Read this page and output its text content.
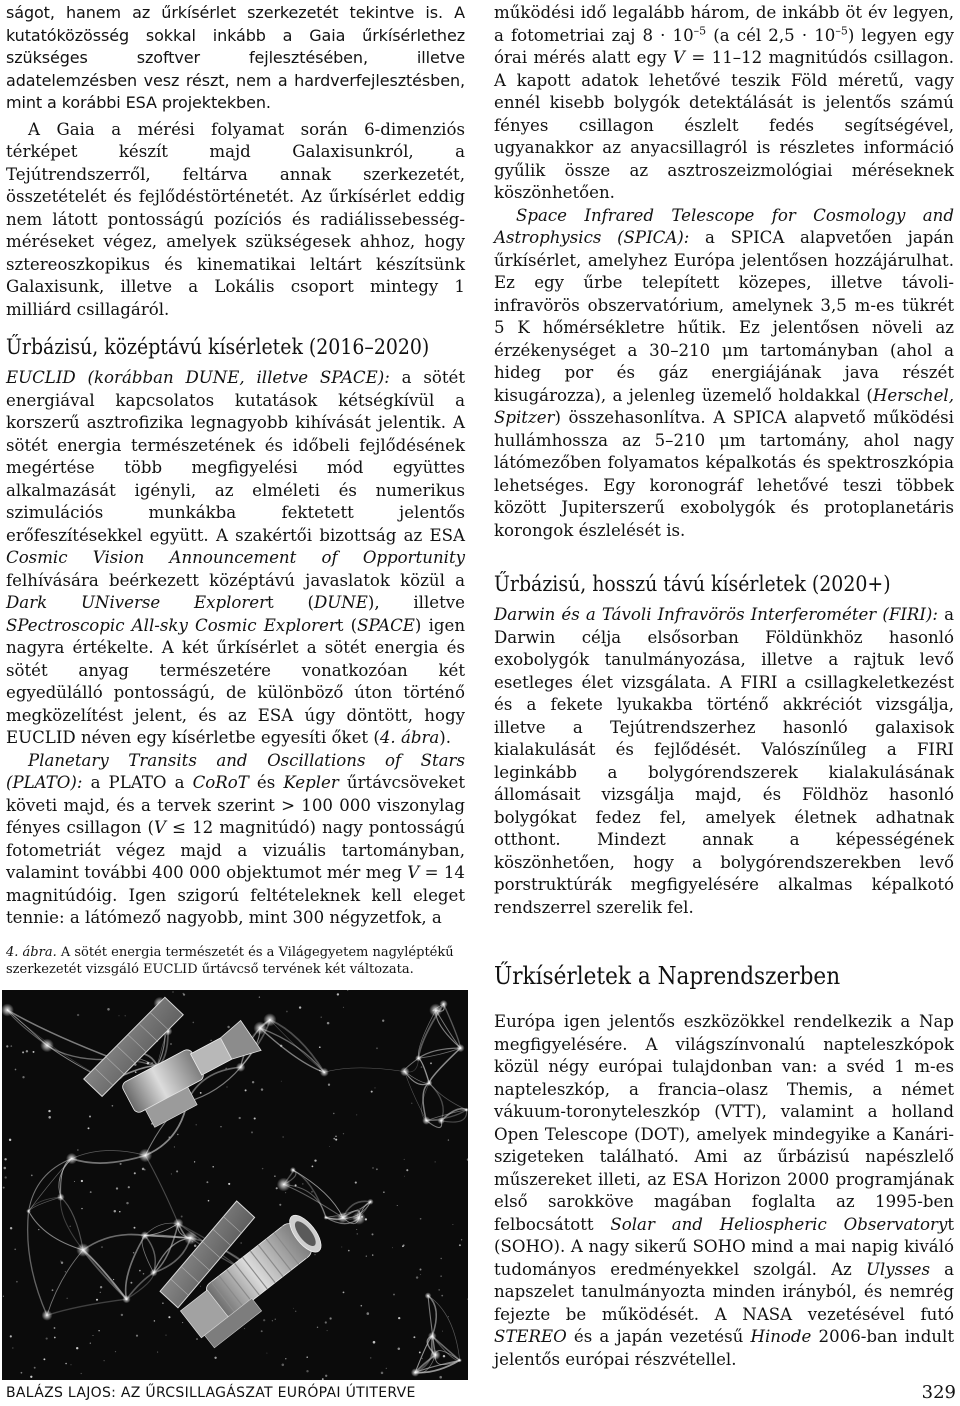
ságot, hanem az űrkísérlet szerkezetét tekintve is. A kutatóközösség sokkal inkább a Gaia űrkísérlethez szükséges szoftver fejlesztésében, illetve adatelemzésben vesz részt, nem a hardverfejlesztésben, mint a korábbi ESA projektekben.

A Gaia a mérési folyamat során 6-dimenziós térképet készít majd Galaxisunkról, a Tejútrendszerről, feltárva annak szerkezetét, összetételét és fejlődéstörténetét. Az űrkísérlet eddig nem látott pontosságú pozíciós és radiálissebesség-méréseket végez, amelyek szükségesek ahhoz, hogy sztereoszkopikus és kinematikai leltárt készítsünk Galaxisunk, illetve a Lokális csoport mintegy 1 milliárd csillagáról.

Űrbázisú, középtávú kísérletek (2016–2020)

EUCLID (korábban DUNE, illetve SPACE): a sötét energiával kapcsolatos kutatások kétségkívül a korszerű asztrofizika legnagyobb kihívását jelentik. A sötét energia természetének és időbeli fejlődésének megértése több megfigyelési mód együttes alkalmazását igényli, az elméleti és numerikus szimulációs munkákba fektetett jelentős erőfeszítésekkel együtt. A szakértői bizottság az ESA Cosmic Vision Announcement of Opportunity felhívására beérkezett középtávú javaslatok közül a Dark UNiverse Explorert (DUNE), illetve SPectroscopic All-sky Cosmic Explorert (SPACE) igen nagyra értékelte. A két űrkísérlet a sötét energia és sötét anyag természetére vonatkozóan két egyedülálló pontosságú, de különböző úton történő megközelítést jelent, és az ESA úgy döntött, hogy EUCLID néven egy kísérletbe egyesíti őket (4. ábra).

Planetary Transits and Oscillations of Stars (PLATO): a PLATO a CoRoT és Kepler űrtávcsöveket követi majd, és a tervek szerint > 100 000 viszonylag fényes csillagon (V ≤ 12 magnitúdó) nagy pontosságú fotometriát végez majd a vizuális tartományban, valamint további 400 000 objektumot mér meg V = 14 magnitúdóig. Igen szigorú feltételeknek kell eleget tennie: a látómező nagyobb, mint 300 négyzetfok, a

4. ábra. A sötét energia természetét és a Világegyetem nagyléptékű szerkezetét vizsgáló EUCLID űrtávcső tervének két változata.

működési idő legalább három, de inkább öt év legyen, a fotometriai zaj $8 \cdot 10^{-5}$ (a cél $2,5 \cdot 10^{-5}$) legyen egy órai mérés alatt egy V = 11–12 magnitúdós csillagon. A kapott adatok lehetővé teszik Föld méretű, vagy ennél kisebb bolygók detektálását is jelentős számú fényes csillagon észlelt fedés segítségével, ugyanakkor az anyacsillagról is részletes információ gyűlik össze az asztroszeizmológiai méréseknek köszönhetően.

Space Infrared Telescope for Cosmology and Astrophysics (SPICA): a SPICA alapvetően japán űrkísérlet, amelyhez Európa jelentősen hozzájárulhat. Ez egy űrbe telepített közepes, illetve távoli-infravörös obszervatórium, amelynek 3,5 m-es tükrét 5 K hőmérsékletre hűtik. Ez jelentősen növeli az érzékenységet a 30–210 μm tartományban (ahol a hideg por és gáz energiájának java részét kisugározza), a jelenleg üzemelő holdakkal (Herschel, Spitzer) összehasonlítva. A SPICA alapvető működési hullámhossza az 5–210 μm tartomány, ahol nagy látómezőben folyamatos képalkotás és spektroszkópia lehetséges. Egy koronográf lehetővé teszi többek között Jupiterszerű exobolygók és protoplanetáris korongok észlelését is.

Űrbázisú, hosszú távú kísérletek (2020+)

Darwin és a Távoli Infravörös Interferométer (FIRI): a Darwin célja elsősorban Földünkhöz hasonló exobolygók tanulmányozása, illetve a rajtuk levő esetleges élet vizsgálata. A FIRI a csillagkeletkezést és a fekete lyukakba történő akkréciót vizsgálja, illetve a Tejútrendszerhez hasonló galaxisok kialakulását és fejlődését. Valószínűleg a FIRI leginkább a bolygórendszerek kialakulásának állomásait vizsgálja majd, és Földhöz hasonló bolygókat fedez fel, amelyek életnek adhatnak otthont. Mindezt annak a képességének köszönhetően, hogy a bolygórendszerekben levő porstruktúrák megfigyelésére alkalmas képalkotó rendszerrel szerelik fel.

Űrkísérletek a Naprendszerben

Európa igen jelentős eszközökkel rendelkezik a Nap megfigyelésére. A világszínvonalú napteleszkópok közül négy európai tulajdonban van: a svéd 1 m-es napteleszkóp, a francia–olasz Themis, a német vákuum-toronyteleszkóp (VTT), valamint a holland Open Telescope (DOT), amelyek mindegyike a Kanári-szigeteken található. Ami az űrbázisú napészlelő műszereket illeti, az ESA Horizon 2000 programjának első sarokköve magában foglalta az 1995-ben felbocsátott Solar and Heliospheric Observatoryt (SOHO). A nagy sikerű SOHO mind a mai napig kiváló tudományos eredményekkel szolgál. Az Ulysses a napszelet tanulmányozta minden irányból, és nemrég fejezte be működését. A NASA vezetésével futó STEREO és a japán vezetésű Hinode 2006-ban indult jelentős európai részvétellel.

BALÁZS LAJOS: AZ ŰRCSILLAGÁSZAT EURÓPAI ÚTITERVE	329
